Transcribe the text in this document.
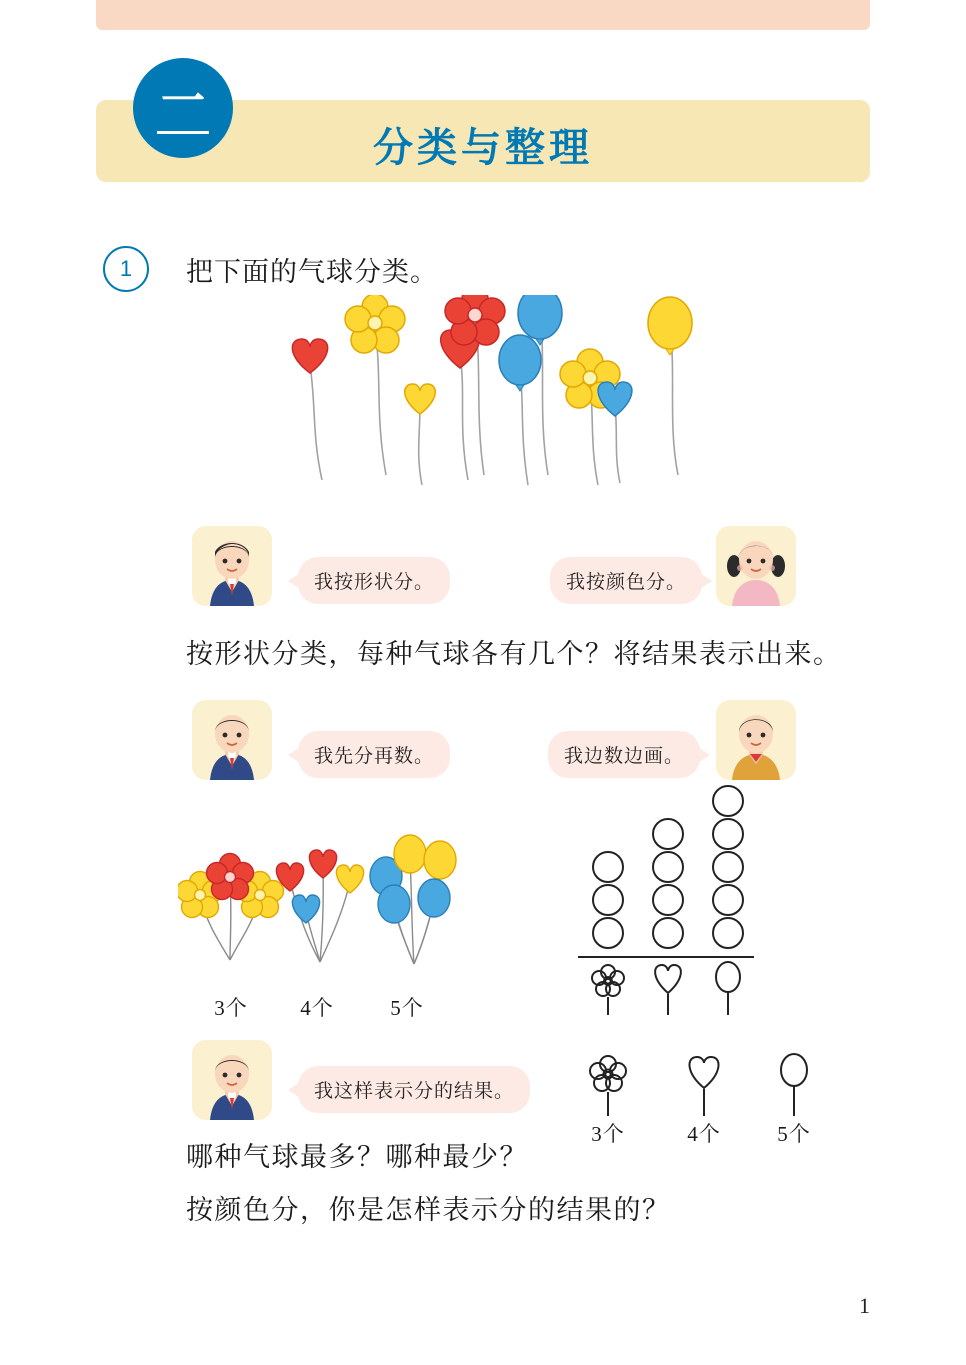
分类与整理
一
1	把下面的气球分类。
我按形状分。	我按颜色分。
按形状分类，每种气球各有几个？将结果表示出来。
我先分再数。	我边数边画。
3个	4个	5个
我这样表示分的结果。
3个	4个	5个
哪种气球最多？哪种最少？
按颜色分，你是怎样表示分的结果的？
1
